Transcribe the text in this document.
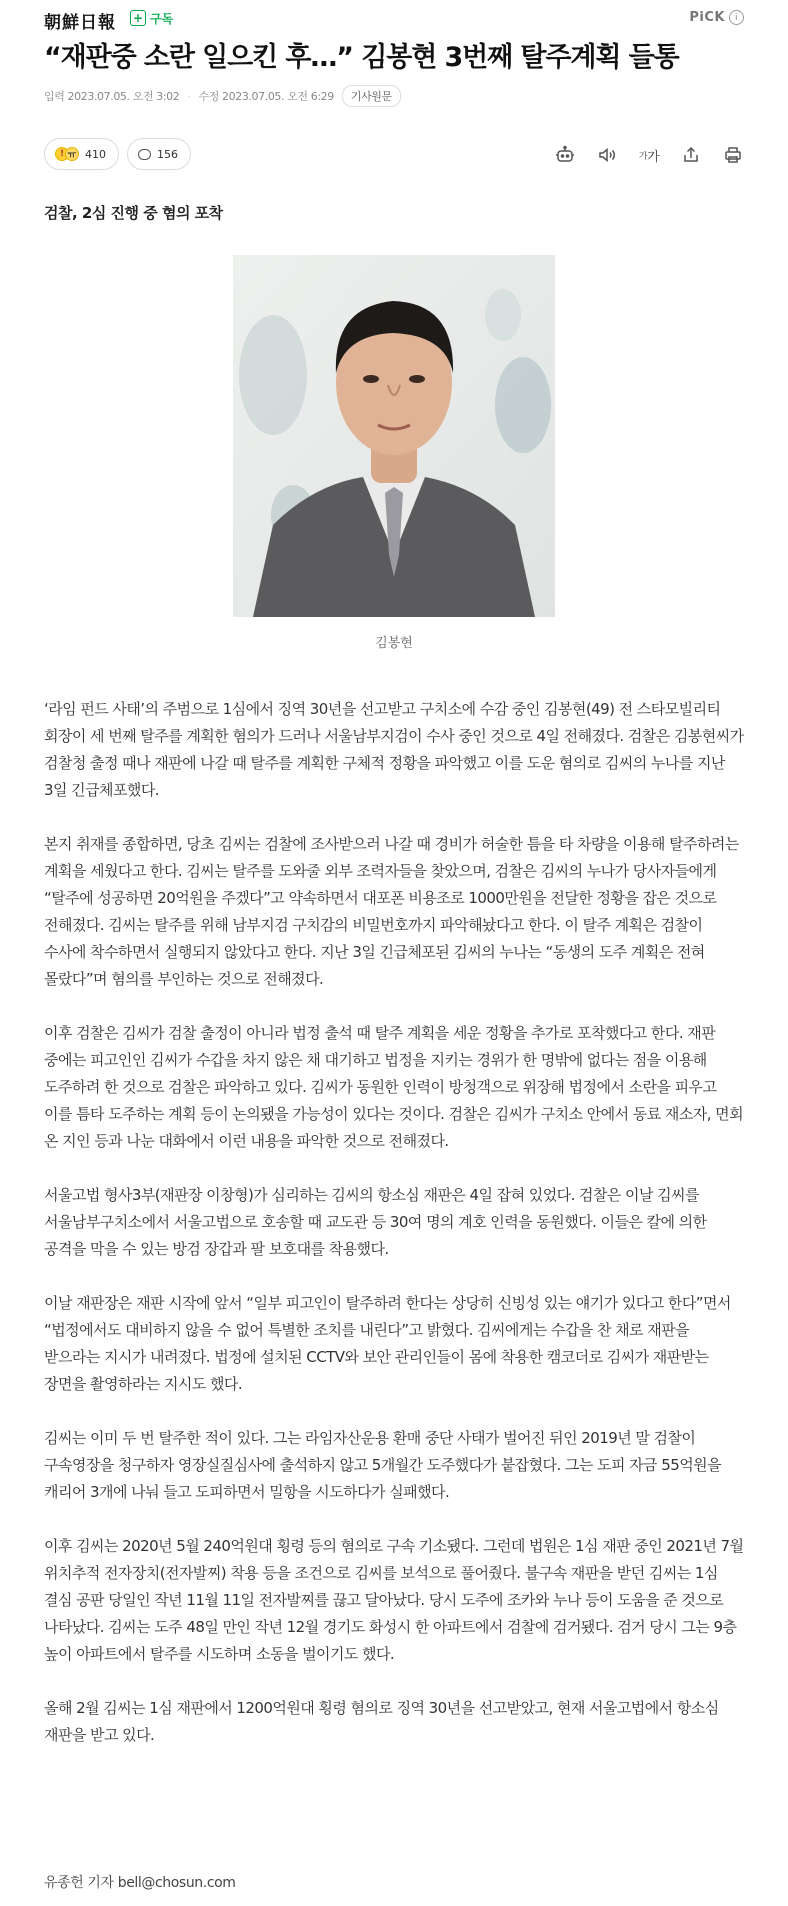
朝鮮日報 + 구독	PiCK	i
“재판중 소란 일으킨 후…” 김봉현 3번째 탈주계획 들통
입력 2023.07.05. 오전 3:02 · 수정 2023.07.05. 오전 6:29	기사원문
! ㅠ 410	156	가 가
검찰, 2심 진행 중 혐의 포착
김봉현

‘라임 펀드 사태’의 주범으로 1심에서 징역 30년을 선고받고 구치소에 수감 중인 김봉현(49) 전 스타모빌리티 회장이 세 번째 탈주를 계획한 혐의가 드러나 서울남부지검이 수사 중인 것으로 4일 전해졌다. 검찰은 김봉현씨가 검찰청 출정 때나 재판에 나갈 때 탈주를 계획한 구체적 정황을 파악했고 이를 도운 혐의로 김씨의 누나를 지난 3일 긴급체포했다.

본지 취재를 종합하면, 당초 김씨는 검찰에 조사받으러 나갈 때 경비가 허술한 틈을 타 차량을 이용해 탈주하려는 계획을 세웠다고 한다. 김씨는 탈주를 도와줄 외부 조력자들을 찾았으며, 검찰은 김씨의 누나가 당사자들에게 “탈주에 성공하면 20억원을 주겠다”고 약속하면서 대포폰 비용조로 1000만원을 전달한 정황을 잡은 것으로 전해졌다. 김씨는 탈주를 위해 남부지검 구치감의 비밀번호까지 파악해놨다고 한다. 이 탈주 계획은 검찰이 수사에 착수하면서 실행되지 않았다고 한다. 지난 3일 긴급체포된 김씨의 누나는 “동생의 도주 계획은 전혀 몰랐다”며 혐의를 부인하는 것으로 전해졌다.

이후 검찰은 김씨가 검찰 출정이 아니라 법정 출석 때 탈주 계획을 세운 정황을 추가로 포착했다고 한다. 재판 중에는 피고인인 김씨가 수갑을 차지 않은 채 대기하고 법정을 지키는 경위가 한 명밖에 없다는 점을 이용해 도주하려 한 것으로 검찰은 파악하고 있다. 김씨가 동원한 인력이 방청객으로 위장해 법정에서 소란을 피우고 이를 틈타 도주하는 계획 등이 논의됐을 가능성이 있다는 것이다. 검찰은 김씨가 구치소 안에서 동료 재소자, 면회 온 지인 등과 나눈 대화에서 이런 내용을 파악한 것으로 전해졌다.

서울고법 형사3부(재판장 이창형)가 심리하는 김씨의 항소심 재판은 4일 잡혀 있었다. 검찰은 이날 김씨를 서울남부구치소에서 서울고법으로 호송할 때 교도관 등 30여 명의 계호 인력을 동원했다. 이들은 칼에 의한 공격을 막을 수 있는 방검 장갑과 팔 보호대를 착용했다.

이날 재판장은 재판 시작에 앞서 “일부 피고인이 탈주하려 한다는 상당히 신빙성 있는 얘기가 있다고 한다”면서 “법정에서도 대비하지 않을 수 없어 특별한 조치를 내린다”고 밝혔다. 김씨에게는 수갑을 찬 채로 재판을 받으라는 지시가 내려졌다. 법정에 설치된 CCTV와 보안 관리인들이 몸에 착용한 캠코더로 김씨가 재판받는 장면을 촬영하라는 지시도 했다.

김씨는 이미 두 번 탈주한 적이 있다. 그는 라임자산운용 환매 중단 사태가 벌어진 뒤인 2019년 말 검찰이 구속영장을 청구하자 영장실질심사에 출석하지 않고 5개월간 도주했다가 붙잡혔다. 그는 도피 자금 55억원을 캐리어 3개에 나눠 들고 도피하면서 밀항을 시도하다가 실패했다.

이후 김씨는 2020년 5월 240억원대 횡령 등의 혐의로 구속 기소됐다. 그런데 법원은 1심 재판 중인 2021년 7월 위치추적 전자장치(전자발찌) 착용 등을 조건으로 김씨를 보석으로 풀어줬다. 불구속 재판을 받던 김씨는 1심 결심 공판 당일인 작년 11월 11일 전자발찌를 끊고 달아났다. 당시 도주에 조카와 누나 등이 도움을 준 것으로 나타났다. 김씨는 도주 48일 만인 작년 12월 경기도 화성시 한 아파트에서 검찰에 검거됐다. 검거 당시 그는 9층 높이 아파트에서 탈주를 시도하며 소동을 벌이기도 했다.

올해 2월 김씨는 1심 재판에서 1200억원대 횡령 혐의로 징역 30년을 선고받았고, 현재 서울고법에서 항소심 재판을 받고 있다.

유종헌 기자 bell@chosun.com
